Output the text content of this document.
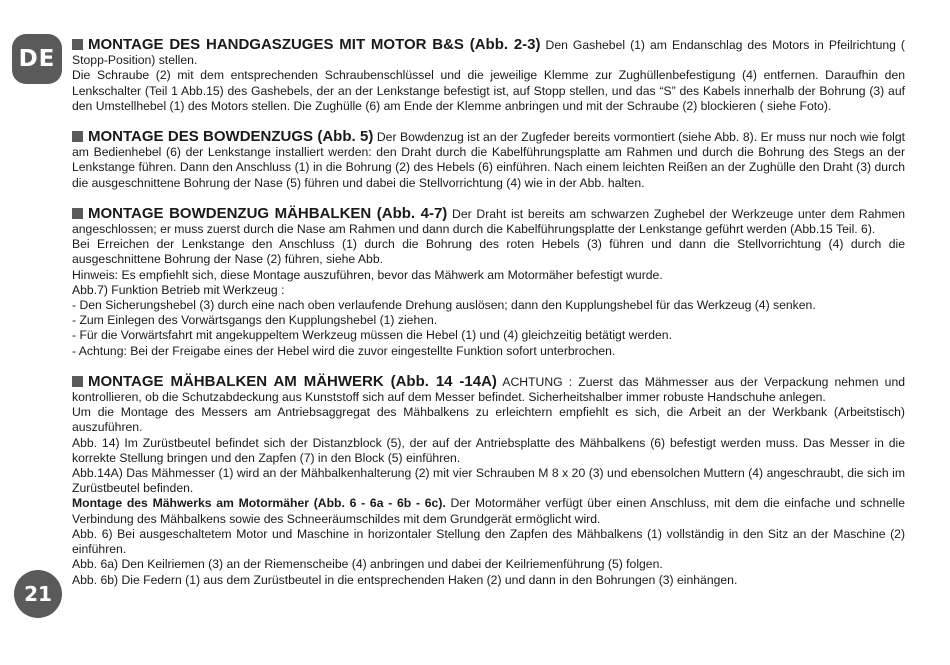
DE
21

MONTAGE DES HANDGASZUGES MIT MOTOR B&S (Abb. 2-3) Den Gashebel (1) am Endanschlag des Motors in Pfeilrichtung ( Stopp-Position) stellen.

Die Schraube (2) mit dem entsprechenden Schraubenschlüssel und die jeweilige Klemme zur Zughüllenbefestigung (4) entfernen. Daraufhin den Lenkschalter (Teil 1 Abb.15) des Gashebels, der an der Lenkstange befestigt ist, auf Stopp stellen, und das “S” des Kabels innerhalb der Bohrung (3) auf den Umstellhebel (1) des Motors stellen. Die Zughülle (6) am Ende der Klemme anbringen und mit der Schraube (2) blockieren ( siehe Foto).

MONTAGE DES BOWDENZUGS (Abb. 5) Der Bowdenzug ist an der Zugfeder bereits vormontiert (siehe Abb. 8). Er muss nur noch wie folgt am Bedienhebel (6) der Lenkstange installiert werden: den Draht durch die Kabelführungsplatte am Rahmen und durch die Bohrung des Stegs an der Lenkstange führen. Dann den Anschluss (1) in die Bohrung (2) des Hebels (6) einführen. Nach einem leichten Reißen an der Zughülle den Draht (3) durch die ausgeschnittene Bohrung der Nase (5) führen und dabei die Stellvorrichtung (4) wie in der Abb. halten.

MONTAGE BOWDENZUG MÄHBALKEN (Abb. 4-7) Der Draht ist bereits am schwarzen Zughebel der Werkzeuge unter dem Rahmen angeschlossen; er muss zuerst durch die Nase am Rahmen und dann durch die Kabelführungsplatte der Lenkstange geführt werden (Abb.15 Teil. 6).

Bei Erreichen der Lenkstange den Anschluss (1) durch die Bohrung des roten Hebels (3) führen und dann die Stellvorrichtung (4) durch die ausgeschnittene Bohrung der Nase (2) führen, siehe Abb.

Hinweis: Es empfiehlt sich, diese Montage auszuführen, bevor das Mähwerk am Motormäher befestigt wurde.

Abb.7) Funktion Betrieb mit Werkzeug :

- Den Sicherungshebel (3) durch eine nach oben verlaufende Drehung auslösen; dann den Kupplungshebel für das Werkzeug (4) senken.

- Zum Einlegen des Vorwärtsgangs den Kupplungshebel (1) ziehen.

- Für die Vorwärtsfahrt mit angekuppeltem Werkzeug müssen die Hebel (1) und (4) gleichzeitig betätigt werden.

- Achtung: Bei der Freigabe eines der Hebel wird die zuvor eingestellte Funktion sofort unterbrochen.

MONTAGE MÄHBALKEN AM MÄHWERK (Abb. 14 -14A) ACHTUNG : Zuerst das Mähmesser aus der Verpackung nehmen und kontrollieren, ob die Schutzabdeckung aus Kunststoff sich auf dem Messer befindet. Sicherheitshalber immer robuste Handschuhe anlegen.

Um die Montage des Messers am Antriebsaggregat des Mähbalkens zu erleichtern empfiehlt es sich, die Arbeit an der Werkbank (Arbeitstisch) auszuführen.

Abb. 14) Im Zurüstbeutel befindet sich der Distanzblock (5), der auf der Antriebsplatte des Mähbalkens (6) befestigt werden muss. Das Messer in die korrekte Stellung bringen und den Zapfen (7) in den Block (5) einführen.

Abb.14A) Das Mähmesser (1) wird an der Mähbalkenhalterung (2) mit vier Schrauben M 8 x 20 (3) und ebensolchen Muttern (4) angeschraubt, die sich im Zurüstbeutel befinden.

Montage des Mähwerks am Motormäher (Abb. 6 - 6a - 6b - 6c). Der Motormäher verfügt über einen Anschluss, mit dem die einfache und schnelle Verbindung des Mähbalkens sowie des Schneeräumschildes mit dem Grundgerät ermöglicht wird.

Abb. 6) Bei ausgeschaltetem Motor und Maschine in horizontaler Stellung den Zapfen des Mähbalkens (1) vollständig in den Sitz an der Maschine (2) einführen.

Abb. 6a) Den Keilriemen (3) an der Riemenscheibe (4) anbringen und dabei der Keilriemenführung (5) folgen.

Abb. 6b) Die Federn (1) aus dem Zurüstbeutel in die entsprechenden Haken (2) und dann in den Bohrungen (3) einhängen.
